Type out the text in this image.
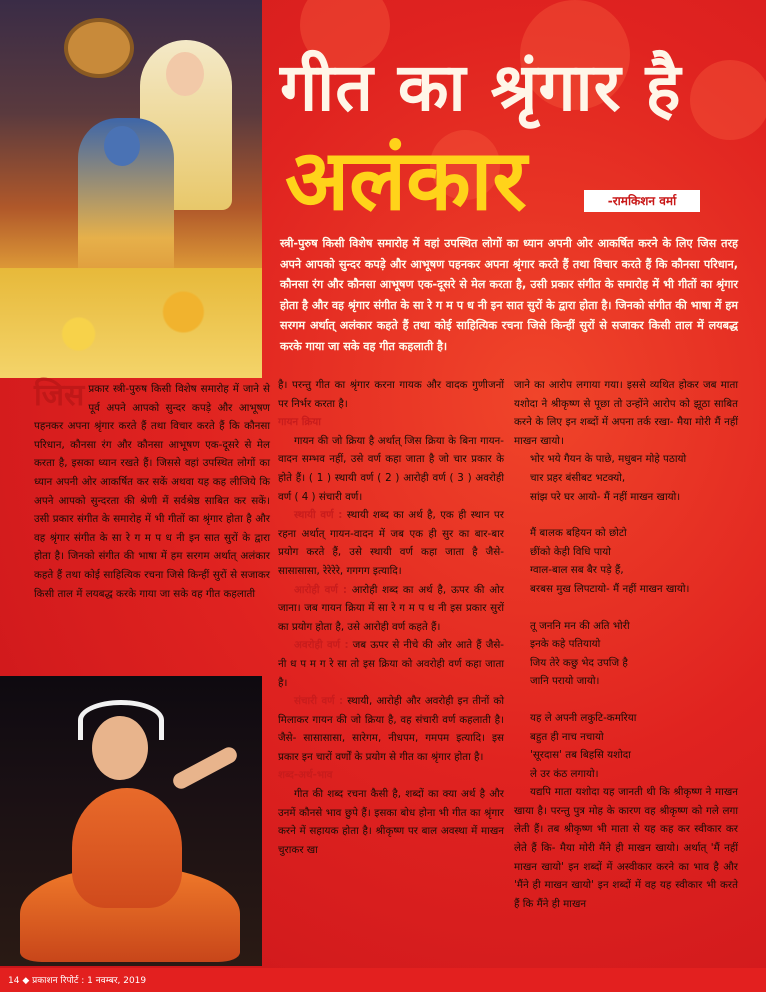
गीत का श्रृंगार है
अलंकार	-रामकिशन वर्मा
स्त्री-पुरुष किसी विशेष समारोह में वहां उपस्थित लोगों का ध्यान अपनी ओर आकर्षित करने के लिए जिस तरह अपने आपको सुन्दर कपड़े और आभूषण पहनकर अपना श्रृंगार करते हैं तथा विचार करते हैं कि कौनसा परिधान, कौनसा रंग और कौनसा आभूषण एक-दूसरे से मेल करता है, उसी प्रकार संगीत के समारोह में भी गीतों का श्रृंगार होता है और वह श्रृंगार संगीत के सा रे ग म प ध नी इन सात सुरों के द्वारा होता है। जिनको संगीत की भाषा में हम सरगम अर्थात् अलंकार कहते हैं तथा कोई साहित्यिक रचना जिसे किन्हीं सुरों से सजाकर किसी ताल में लयबद्ध करके गाया जा सके वह गीत कहलाती है।

जिस प्रकार स्त्री-पुरुष किसी विशेष समारोह में जाने से पूर्व अपने आपको सुन्दर कपड़े और आभूषण पहनकर अपना श्रृंगार करते हैं तथा विचार करते हैं कि कौनसा परिधान, कौनसा रंग और कौनसा आभूषण एक-दूसरे से मेल करता है, इसका ध्यान रखते हैं। जिससे वहां उपस्थित लोगों का ध्यान अपनी ओर आकर्षित कर सकें अथवा यह कह लीजिये कि अपने आपको सुन्दरता की श्रेणी में सर्वश्रेष्ठ साबित कर सकें। उसी प्रकार संगीत के समारोह में भी गीतों का श्रृंगार होता है और वह श्रृंगार संगीत के सा रे ग म प ध नी इन सात सुरों के द्वारा होता है। जिनको संगीत की भाषा में हम सरगम अर्थात् अलंकार कहते हैं तथा कोई साहित्यिक रचना जिसे किन्हीं सुरों से सजाकर किसी ताल में लयबद्ध करके गाया जा सके वह गीत कहलाती

है। परन्तु गीत का श्रृंगार करना गायक और वादक गुणीजनों पर निर्भर करता है।

गायन क्रिया

गायन की जो क्रिया है अर्थात् जिस क्रिया के बिना गायन-वादन सम्भव नहीं, उसे वर्ण कहा जाता है जो चार प्रकार के होते हैं। ( 1 ) स्थायी वर्ण ( 2 ) आरोही वर्ण ( 3 ) अवरोही वर्ण ( 4 ) संचारी वर्ण।

स्थायी वर्ण : स्थायी शब्द का अर्थ है, एक ही स्थान पर रहना अर्थात् गायन-वादन में जब एक ही सुर का बार-बार प्रयोग करते हैं, उसे स्थायी वर्ण कहा जाता है जैसे- सासासासा, रेरेरेरे, गगगग इत्यादि।

आरोही वर्ण : आरोही शब्द का अर्थ है, ऊपर की ओर जाना। जब गायन क्रिया में सा रे ग म प ध नी इस प्रकार सुरों का प्रयोग होता है, उसे आरोही वर्ण कहते हैं।

अवरोही वर्ण : जब ऊपर से नीचे की ओर आते हैं जैसे- नी ध प म ग रे सा तो इस क्रिया को अवरोही वर्ण कहा जाता है।

संचारी वर्ण : स्थायी, आरोही और अवरोही इन तीनों को मिलाकर गायन की जो क्रिया है, वह संचारी वर्ण कहलाती है। जैसे- सासासासा, सारेगम, नीधपम, गमपम इत्यादि। इस प्रकार इन चारों वर्णों के प्रयोग से गीत का श्रृंगार होता है।

शब्द-अर्थ-भाव

गीत की शब्द रचना कैसी है, शब्दों का क्या अर्थ है और उनमें कौनसे भाव छुपे हैं। इसका बोध होना भी गीत का श्रृंगार करने में सहायक होता है। श्रीकृष्ण पर बाल अवस्था में माखन चुराकर खा

जाने का आरोप लगाया गया। इससे व्यथित होकर जब माता यशोदा ने श्रीकृष्ण से पूछा तो उन्होंने आरोप को झूठा साबित करने के लिए इन शब्दों में अपना तर्क रखा- मैया मोरी मैं नहीं माखन खायो।

भोर भये गैयन के पाछे, मधुबन मोहे पठायो

चार प्रहर बंसीबट भटक्यो,

सांझ परे घर आयो- मैं नहीं माखन खायो।

मैं बालक बहियन को छोटो

छींको केही विधि पायो

ग्वाल-बाल सब बैर पड़े हैं,

बरबस मुख लिपटायो- मैं नहीं माखन खायो।

तू जननि मन की अति भोरी

इनके कहे पतियायो

जिय तेरे कछु भेद उपजि है

जानि परायो जायो।

यह ले अपनी लकुटि-कमरिया

बहुत ही नाच नचायो

'सूरदास' तब बिहसि यशोदा

ले उर कंठ लगायो।

यद्यपि माता यशोदा यह जानती थी कि श्रीकृष्ण ने माखन खाया है। परन्तु पुत्र मोह के कारण वह श्रीकृष्ण को गले लगा लेती हैं। तब श्रीकृष्ण भी माता से यह कह कर स्वीकार कर लेते हैं कि- मैया मोरी मैंने ही माखन खायो। अर्थात् 'मैं नहीं माखन खायो' इन शब्दों में अस्वीकार करने का भाव है और 'मैंने ही माखन खायो' इन शब्दों में वह यह स्वीकार भी करते हैं कि मैंने ही माखन

14 ◆ प्रकाशन रिपोर्ट : 1 नवम्बर, 2019
